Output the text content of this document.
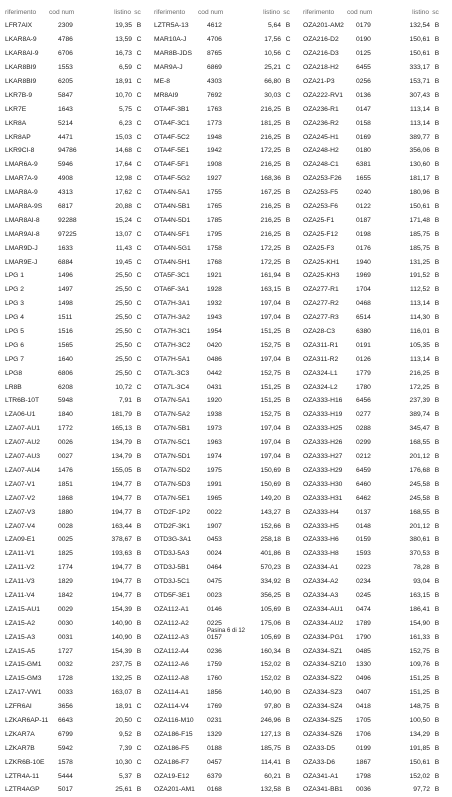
riferimento	cod num	listino sc
LFR7AIX	2309	19,35 B
LKAR8A-9	4786	13,59 C
LKAR8AI-9	6706	16,73 C
LKAR8BI9	1553	6,59 C
LKAR8BI9	6205	18,91 C
LKR7B-9	5847	10,70 C
LKR7E	1643	5,75 C
LKR8A	5214	6,23 C
LKR8AP	4471	15,03 C
LKR9CI-8	94786	14,68 C
LMAR6A-9	5946	17,64 C
LMAR7A-9	4908	12,98 C
LMAR8A-9	4313	17,62 C
LMAR8A-9S	6817	20,88 C
LMAR8AI-8	92288	15,24 C
LMAR9AI-8	97225	13,07 C
LMAR9D-J	1633	11,43 C
LMAR9E-J	6884	19,45 C
LPG 1	1496	25,50 C
LPG 2	1497	25,50 C
LPG 3	1498	25,50 C
LPG 4	1511	25,50 C
LPG 5	1516	25,50 C
LPG 6	1565	25,50 C
LPG 7	1640	25,50 C
LPG8	6806	25,50 C
LR8B	6208	10,72 C
LTR6B-10T	5948	7,91 B
LZA06-U1	1840	181,79 B
LZA07-AU1	1772	165,13 B
LZA07-AU2	0026	134,79 B
LZA07-AU3	0027	134,79 B
LZA07-AU4	1476	155,05 B
LZA07-V1	1851	194,77 B
LZA07-V2	1868	194,77 B
LZA07-V3	1880	194,77 B
LZA07-V4	0028	163,44 B
LZA09-E1	0025	378,67 B
LZA11-V1	1825	193,63 B
LZA11-V2	1774	194,77 B
LZA11-V3	1829	194,77 B
LZA11-V4	1842	194,77 B
LZA15-AU1	0029	154,39 B
LZA15-A2	0030	140,90 B
LZA15-A3	0031	140,90 B
LZA15-A5	1727	154,39 B
LZA15-GM1	0032	237,75 B
LZA15-GM3	1728	132,25 B
LZA17-VW1	0033	163,07 B
LZFR6AI	3656	18,91 C
LZKAR6AP-11	6643	20,50 C
LZKAR7A	6799	9,52 B
LZKAR7B	5942	7,39 C
LZKR6B-10E	1578	10,30 C
LZTR4A-11	5444	5,37 B
LZTR4AGP	5017	25,61 B
riferimento	cod num	listino sc
LZTR5A-13	4612	5,64 B
MAR10A-J	4706	17,56 C
MAR8B-JDS	8765	10,56 C
MAR9A-J	6869	25,21 C
ME-8	4303	66,80 B
MR8AI9	7692	30,03 C
OTA4F-3B1	1763	216,25 B
OTA4F-3C1	1773	181,25 B
OTA4F-5C2	1948	216,25 B
OTA4F-5E1	1942	172,25 B
OTA4F-5F1	1908	216,25 B
OTA4F-5G2	1927	168,36 B
OTA4N-5A1	1755	167,25 B
OTA4N-5B1	1765	216,25 B
OTA4N-5D1	1785	216,25 B
OTA4N-5F1	1795	216,25 B
OTA4N-5G1	1758	172,25 B
OTA4N-5H1	1768	172,25 B
OTA5F-3C1	1921	161,94 B
OTA6F-3A1	1928	163,15 B
OTA7H-3A1	1932	197,04 B
OTA7H-3A2	1943	197,04 B
OTA7H-3C1	1954	151,25 B
OTA7H-3C2	0420	152,75 B
OTA7H-5A1	0486	197,04 B
OTA7L-3C3	0442	152,75 B
OTA7L-3C4	0431	151,25 B
OTA7N-5A1	1920	151,25 B
OTA7N-5A2	1938	152,75 B
OTA7N-5B1	1973	197,04 B
OTA7N-5C1	1963	197,04 B
OTA7N-5D1	1974	197,04 B
OTA7N-5D2	1975	150,69 B
OTA7N-5D3	1991	150,69 B
OTA7N-5E1	1965	149,20 B
OTD2F-1P2	0022	143,27 B
OTD2F-3K1	1907	152,66 B
OTD3G-3A1	0453	258,18 B
OTD3J-5A3	0024	401,86 B
OTD3J-5B1	0464	570,23 B
OTD3J-5C1	0475	334,92 B
OTD5F-3E1	0023	356,25 B
OZA112-A1	0146	105,69 B
OZA112-A2	0225	175,06 B
OZA112-A3	0157	105,69 B
OZA112-A4	0236	160,34 B
OZA112-A6	1759	152,02 B
OZA112-A8	1760	152,02 B
OZA114-A1	1856	140,90 B
OZA114-V4	1769	97,80 B
OZA116-M10	0231	246,96 B
OZA186-F15	1329	127,13 B
OZA186-F5	0188	185,75 B
OZA186-F7	0457	114,41 B
OZA19-E12	6379	60,21 B
OZA201-AM1	0168	132,58 B
riferimento	cod num	listino sc
OZA201-AM2	0179	132,54 B
OZA216-D2	0190	150,61 B
OZA216-D3	0125	150,61 B
OZA218-H2	6455	333,17 B
OZA21-P3	0256	153,71 B
OZA222-RV1	0136	307,43 B
OZA236-R1	0147	113,14 B
OZA236-R2	0158	113,14 B
OZA245-H1	0169	389,77 B
OZA248-H2	0180	356,06 B
OZA248-C1	6381	130,60 B
OZA253-F26	1655	181,17 B
OZA253-F5	0240	180,96 B
OZA253-F6	0122	150,61 B
OZA25-F1	0187	171,48 B
OZA25-F12	0198	185,75 B
OZA25-F3	0176	185,75 B
OZA25-KH1	1940	131,25 B
OZA25-KH3	1969	191,52 B
OZA277-R1	1704	112,52 B
OZA277-R2	0468	113,14 B
OZA277-R3	6514	114,30 B
OZA28-C3	6380	116,01 B
OZA311-R1	0191	105,35 B
OZA311-R2	0126	113,14 B
OZA324-L1	1779	216,25 B
OZA324-L2	1780	172,25 B
OZA333-H16	6456	237,39 B
OZA333-H19	0277	389,74 B
OZA333-H25	0288	345,47 B
OZA333-H26	0299	168,55 B
OZA333-H27	0212	201,12 B
OZA333-H29	6459	176,68 B
OZA333-H30	6460	245,58 B
OZA333-H31	6462	245,58 B
OZA333-H4	0137	168,55 B
OZA333-H5	0148	201,12 B
OZA333-H6	0159	380,61 B
OZA333-H8	1593	370,53 B
OZA334-A1	0223	78,28 B
OZA334-A2	0234	93,04 B
OZA334-A3	0245	163,15 B
OZA334-AU1	0474	186,41 B
OZA334-AU2	1789	154,90 B
OZA334-PG1	1790	161,33 B
OZA334-SZ1	0485	152,75 B
OZA334-SZ10	1330	109,76 B
OZA334-SZ2	0496	151,25 B
OZA334-SZ3	0407	151,25 B
OZA334-SZ4	0418	148,75 B
OZA334-SZ5	1705	100,50 B
OZA334-SZ6	1706	134,29 B
OZA33-D5	0199	191,85 B
OZA33-D6	1867	150,61 B
OZA341-A1	1798	152,02 B
OZA341-BB1	0036	97,72 B
Pasina 6 di 12
